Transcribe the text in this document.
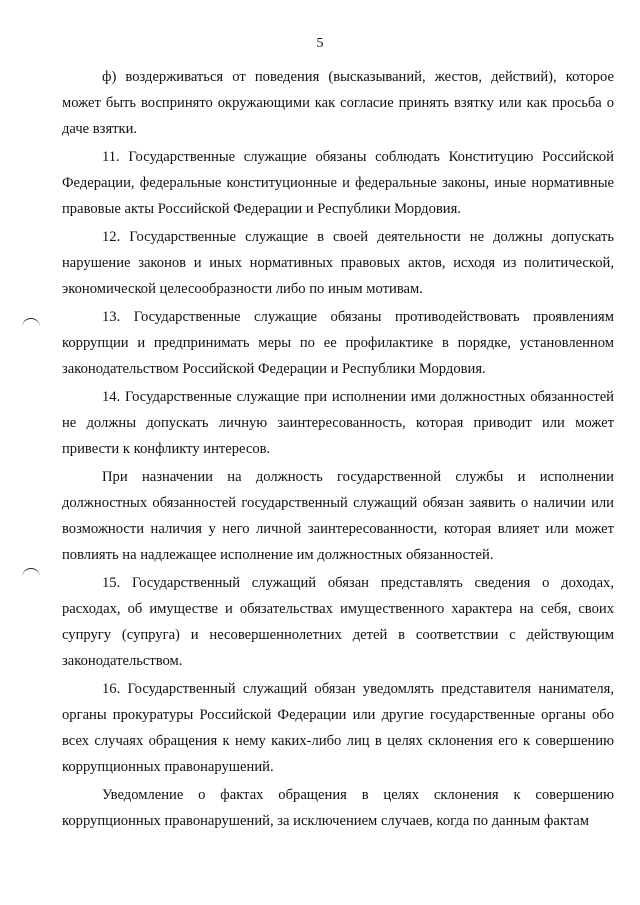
5

ф) воздерживаться от поведения (высказываний, жестов, действий), которое может быть воспринято окружающими как согласие принять взятку или как просьба о даче взятки.

11. Государственные служащие обязаны соблюдать Конституцию Российской Федерации, федеральные конституционные и федеральные законы, иные нормативные правовые акты Российской Федерации и Республики Мордовия.

12. Государственные служащие в своей деятельности не должны допускать нарушение законов и иных нормативных правовых актов, исходя из политической, экономической целесообразности либо по иным мотивам.

13. Государственные служащие обязаны противодействовать проявлениям коррупции и предпринимать меры по ее профилактике в порядке, установленном законодательством Российской Федерации и Республики Мордовия.

14. Государственные служащие при исполнении ими должностных обязанностей не должны допускать личную заинтересованность, которая приводит или может привести к конфликту интересов.

При назначении на должность государственной службы и исполнении должностных обязанностей государственный служащий обязан заявить о наличии или возможности наличия у него личной заинтересованности, которая влияет или может повлиять на надлежащее исполнение им должностных обязанностей.

15. Государственный служащий обязан представлять сведения о доходах, расходах, об имуществе и обязательствах имущественного характера на себя, своих супругу (супруга) и несовершеннолетних детей в соответствии с действующим законодательством.

16. Государственный служащий обязан уведомлять представителя нанимателя, органы прокуратуры Российской Федерации или другие государственные органы обо всех случаях обращения к нему каких-либо лиц в целях склонения его к совершению коррупционных правонарушений.

Уведомление о фактах обращения в целях склонения к совершению коррупционных правонарушений, за исключением случаев, когда по данным фактам
